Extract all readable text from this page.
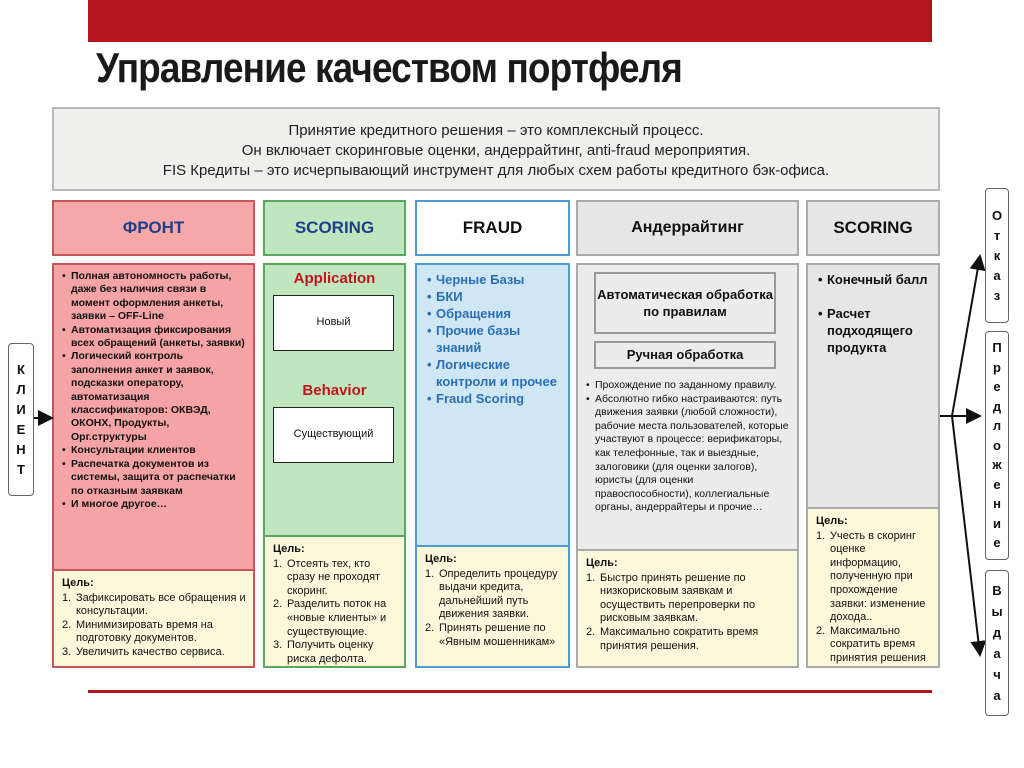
Управление качеством портфеля
Принятие кредитного решения – это комплексный процесс.
Он включает скоринговые оценки, андеррайтинг, anti-fraud мероприятия.
FIS Кредиты – это исчерпывающий инструмент для любых схем работы кредитного бэк-офиса.
ФРОНТ	SCORING	FRAUD	Андеррайтинг	SCORING
• Полная автономность работы, даже без наличия связи в момент оформления анкеты, заявки – OFF-Line
• Автоматизация фиксирования всех обращений (анкеты, заявки)
• Логический контроль заполнения анкет и заявок, подсказки оператору, автоматизация классификаторов: ОКВЭД, ОКОНХ, Продукты, Орг.структуры
• Консультации клиентов
• Распечатка документов из системы, защита от распечатки по отказным заявкам
• И многое другое…
Цель:
1. Зафиксировать все обращения и консультации.
2. Минимизировать время на подготовку документов.
3. Увеличить качество сервиса.
Application
Новый
Behavior
Существующий
Цель:
1. Отсеять тех, кто сразу не проходят скоринг.
2. Разделить поток на «новые клиенты» и существующие.
3. Получить оценку риска дефолта.
• Черные Базы
• БКИ
• Обращения
• Прочие базы знаний
• Логические контроли и прочее
• Fraud Scoring
Цель:
1. Определить процедуру выдачи кредита, дальнейший путь движения заявки.
2. Принять решение по «Явным мошенникам»
Автоматическая обработка по правилам
Ручная обработка
• Прохождение по заданному правилу.
• Абсолютно гибко настраиваются: путь движения заявки (любой сложности), рабочие места пользователей, которые участвуют в процессе: верификаторы, как телефонные, так и выездные, залоговики (для оценки залогов), юристы (для оценки правоспособности), коллегиальные органы, андеррайтеры и прочие…
Цель:
1. Быстро принять решение по низкорисковым заявкам и осуществить перепроверки по рисковым заявкам.
2. Максимально сократить время принятия решения.
• Конечный балл
• Расчет подходящего продукта
Цель:
1. Учесть в скоринг оценке информацию, полученную при прохождение заявки: изменение дохода..
2. Максимально сократить время принятия решения
К
Л
И
Е
Н
Т
О
т
к
а
з
П
р
е
д
л
о
ж
е
н
и
е
В
ы
д
а
ч
а
